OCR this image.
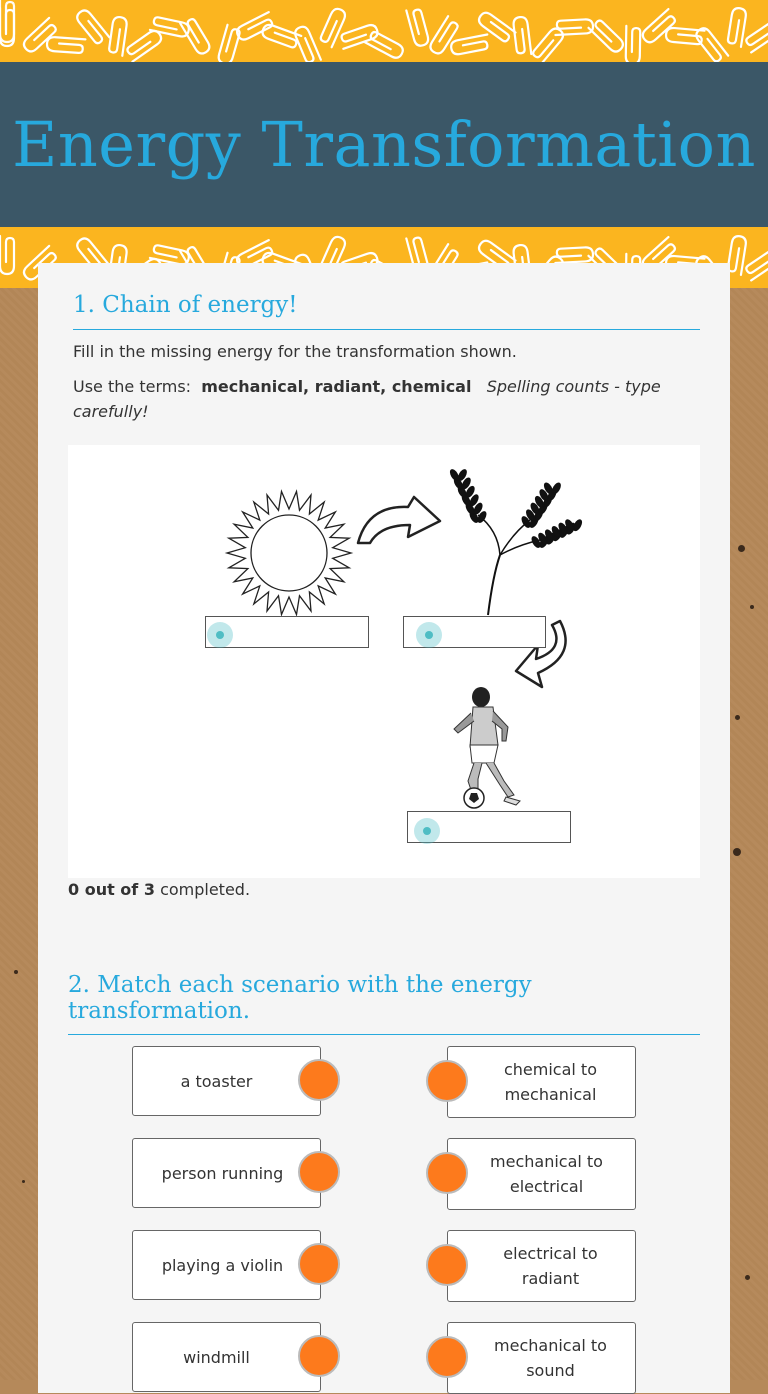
Energy Transformation
1. Chain of energy!
Fill in the missing energy for the transformation shown.
Use the terms: mechanical, radiant, chemical Spelling counts - type carefully!
0 out of 3 completed.
2. Match each scenario with the energy transformation.
a toaster
person running
playing a violin
windmill
chemical to mechanical
mechanical to electrical
electrical to radiant
mechanical to sound
